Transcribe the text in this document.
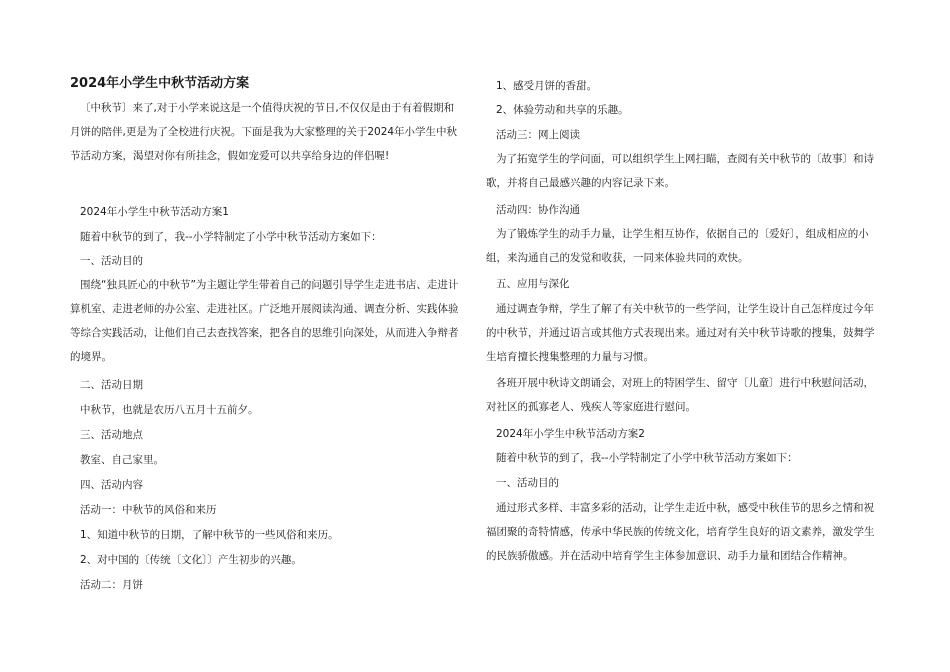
2024年小学生中秋节活动方案

〔中秋节〕来了,对于小学来说这是一个值得庆祝的节日,不仅仅是由于有着假期和月饼的陪伴,更是为了全校进行庆祝。下面是我为大家整理的关于2024年小学生中秋节活动方案，渴望对你有所挂念，假如宠爱可以共享给身边的伴侣喔!

2024年小学生中秋节活动方案1

随着中秋节的到了，我--小学特制定了小学中秋节活动方案如下：

一、活动目的

围绕“独具匠心的中秋节”为主题让学生带着自己的问题引导学生走进书店、走进计算机室、走进老师的办公室、走进社区。广泛地开展阅读沟通、调查分析、实践体验等综合实践活动，让他们自己去查找答案，把各自的思维引向深处，从而进入争辩者的境界。

二、活动日期

中秋节，也就是农历八五月十五前夕。

三、活动地点

教室、自己家里。

四、活动内容

活动一：中秋节的风俗和来历

1、知道中秋节的日期，了解中秋节的一些风俗和来历。

2、对中国的〔传统〔文化〕〕产生初步的兴趣。

活动二：月饼

1、感受月饼的香甜。

2、体验劳动和共享的乐趣。

活动三：网上阅读

为了拓宽学生的学问面，可以组织学生上网扫瞄，查阅有关中秋节的〔故事〕和诗歌，并将自己最感兴趣的内容记录下来。

活动四：协作沟通

为了锻炼学生的动手力量，让学生相互协作，依据自己的〔爱好〕，组成相应的小组，来沟通自己的发觉和收获，一同来体验共同的欢快。

五、应用与深化

通过调查争辩，学生了解了有关中秋节的一些学问，让学生设计自己怎样度过今年的中秋节，并通过语言或其他方式表现出来。通过对有关中秋节诗歌的搜集，鼓舞学生培育擅长搜集整理的力量与习惯。

各班开展中秋诗文朗诵会，对班上的特困学生、留守〔儿童〕进行中秋慰问活动，对社区的孤寡老人、残疾人等家庭进行慰问。

2024年小学生中秋节活动方案2

随着中秋节的到了，我--小学特制定了小学中秋节活动方案如下：

一、活动目的

通过形式多样、丰富多彩的活动，让学生走近中秋，感受中秋佳节的思乡之情和祝福团聚的奇特情感，传承中华民族的传统文化，培育学生良好的语文素养，激发学生的民族骄傲感。并在活动中培育学生主体参加意识、动手力量和团结合作精神。
